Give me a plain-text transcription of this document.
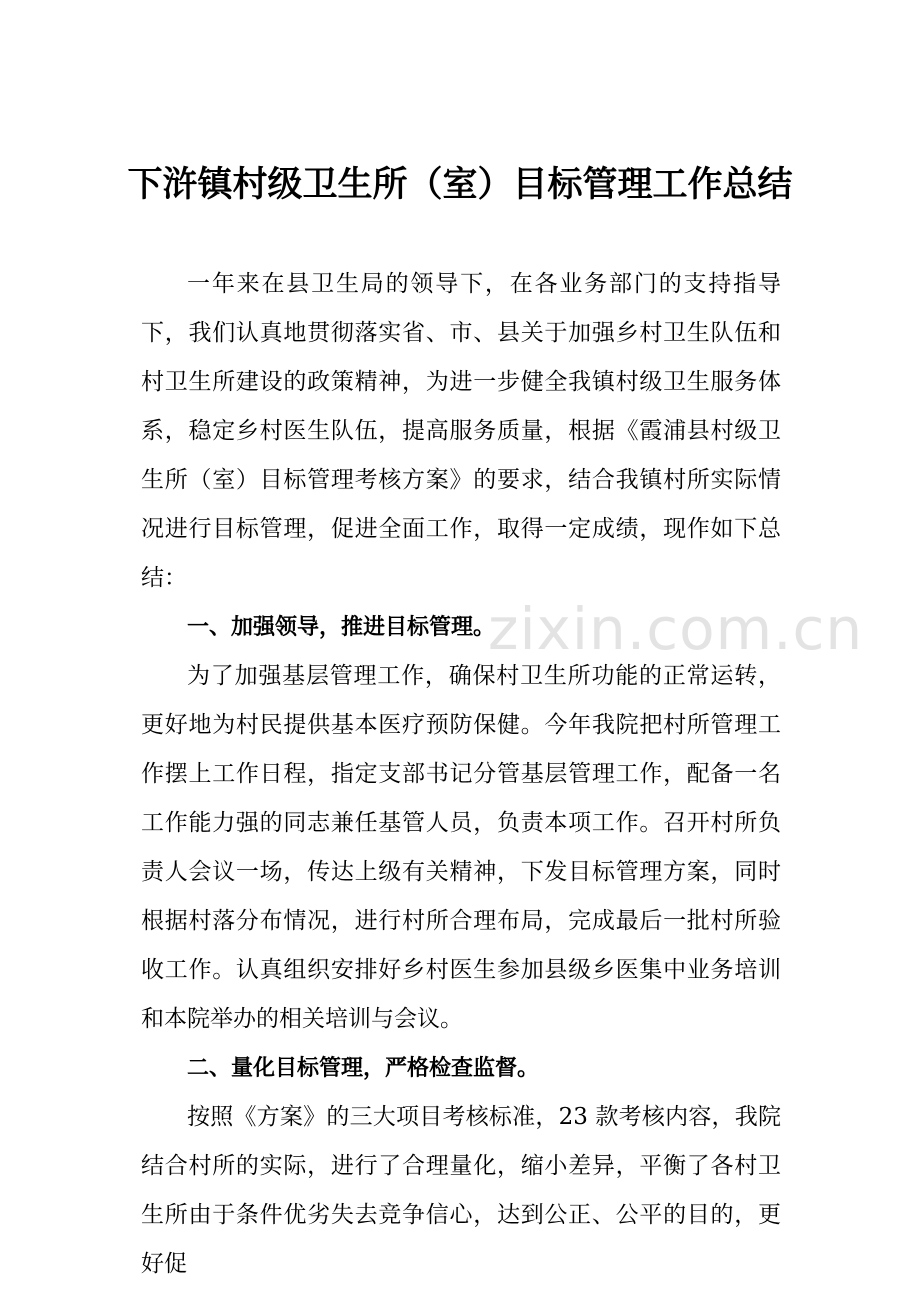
下浒镇村级卫生所（室）目标管理工作总结

一年来在县卫生局的领导下，在各业务部门的支持指导下，我们认真地贯彻落实省、市、县关于加强乡村卫生队伍和村卫生所建设的政策精神，为进一步健全我镇村级卫生服务体系，稳定乡村医生队伍，提高服务质量，根据《霞浦县村级卫生所（室）目标管理考核方案》的要求，结合我镇村所实际情况进行目标管理，促进全面工作，取得一定成绩，现作如下总结：

一、加强领导，推进目标管理。

为了加强基层管理工作，确保村卫生所功能的正常运转，更好地为村民提供基本医疗预防保健。今年我院把村所管理工作摆上工作日程，指定支部书记分管基层管理工作，配备一名工作能力强的同志兼任基管人员，负责本项工作。召开村所负责人会议一场，传达上级有关精神，下发目标管理方案，同时根据村落分布情况，进行村所合理布局，完成最后一批村所验收工作。认真组织安排好乡村医生参加县级乡医集中业务培训和本院举办的相关培训与会议。

二、量化目标管理，严格检查监督。

按照《方案》的三大项目考核标准，23 款考核内容，我院结合村所的实际，进行了合理量化，缩小差异，平衡了各村卫生所由于条件优劣失去竞争信心，达到公正、公平的目的，更好促

zixin.com.cn
